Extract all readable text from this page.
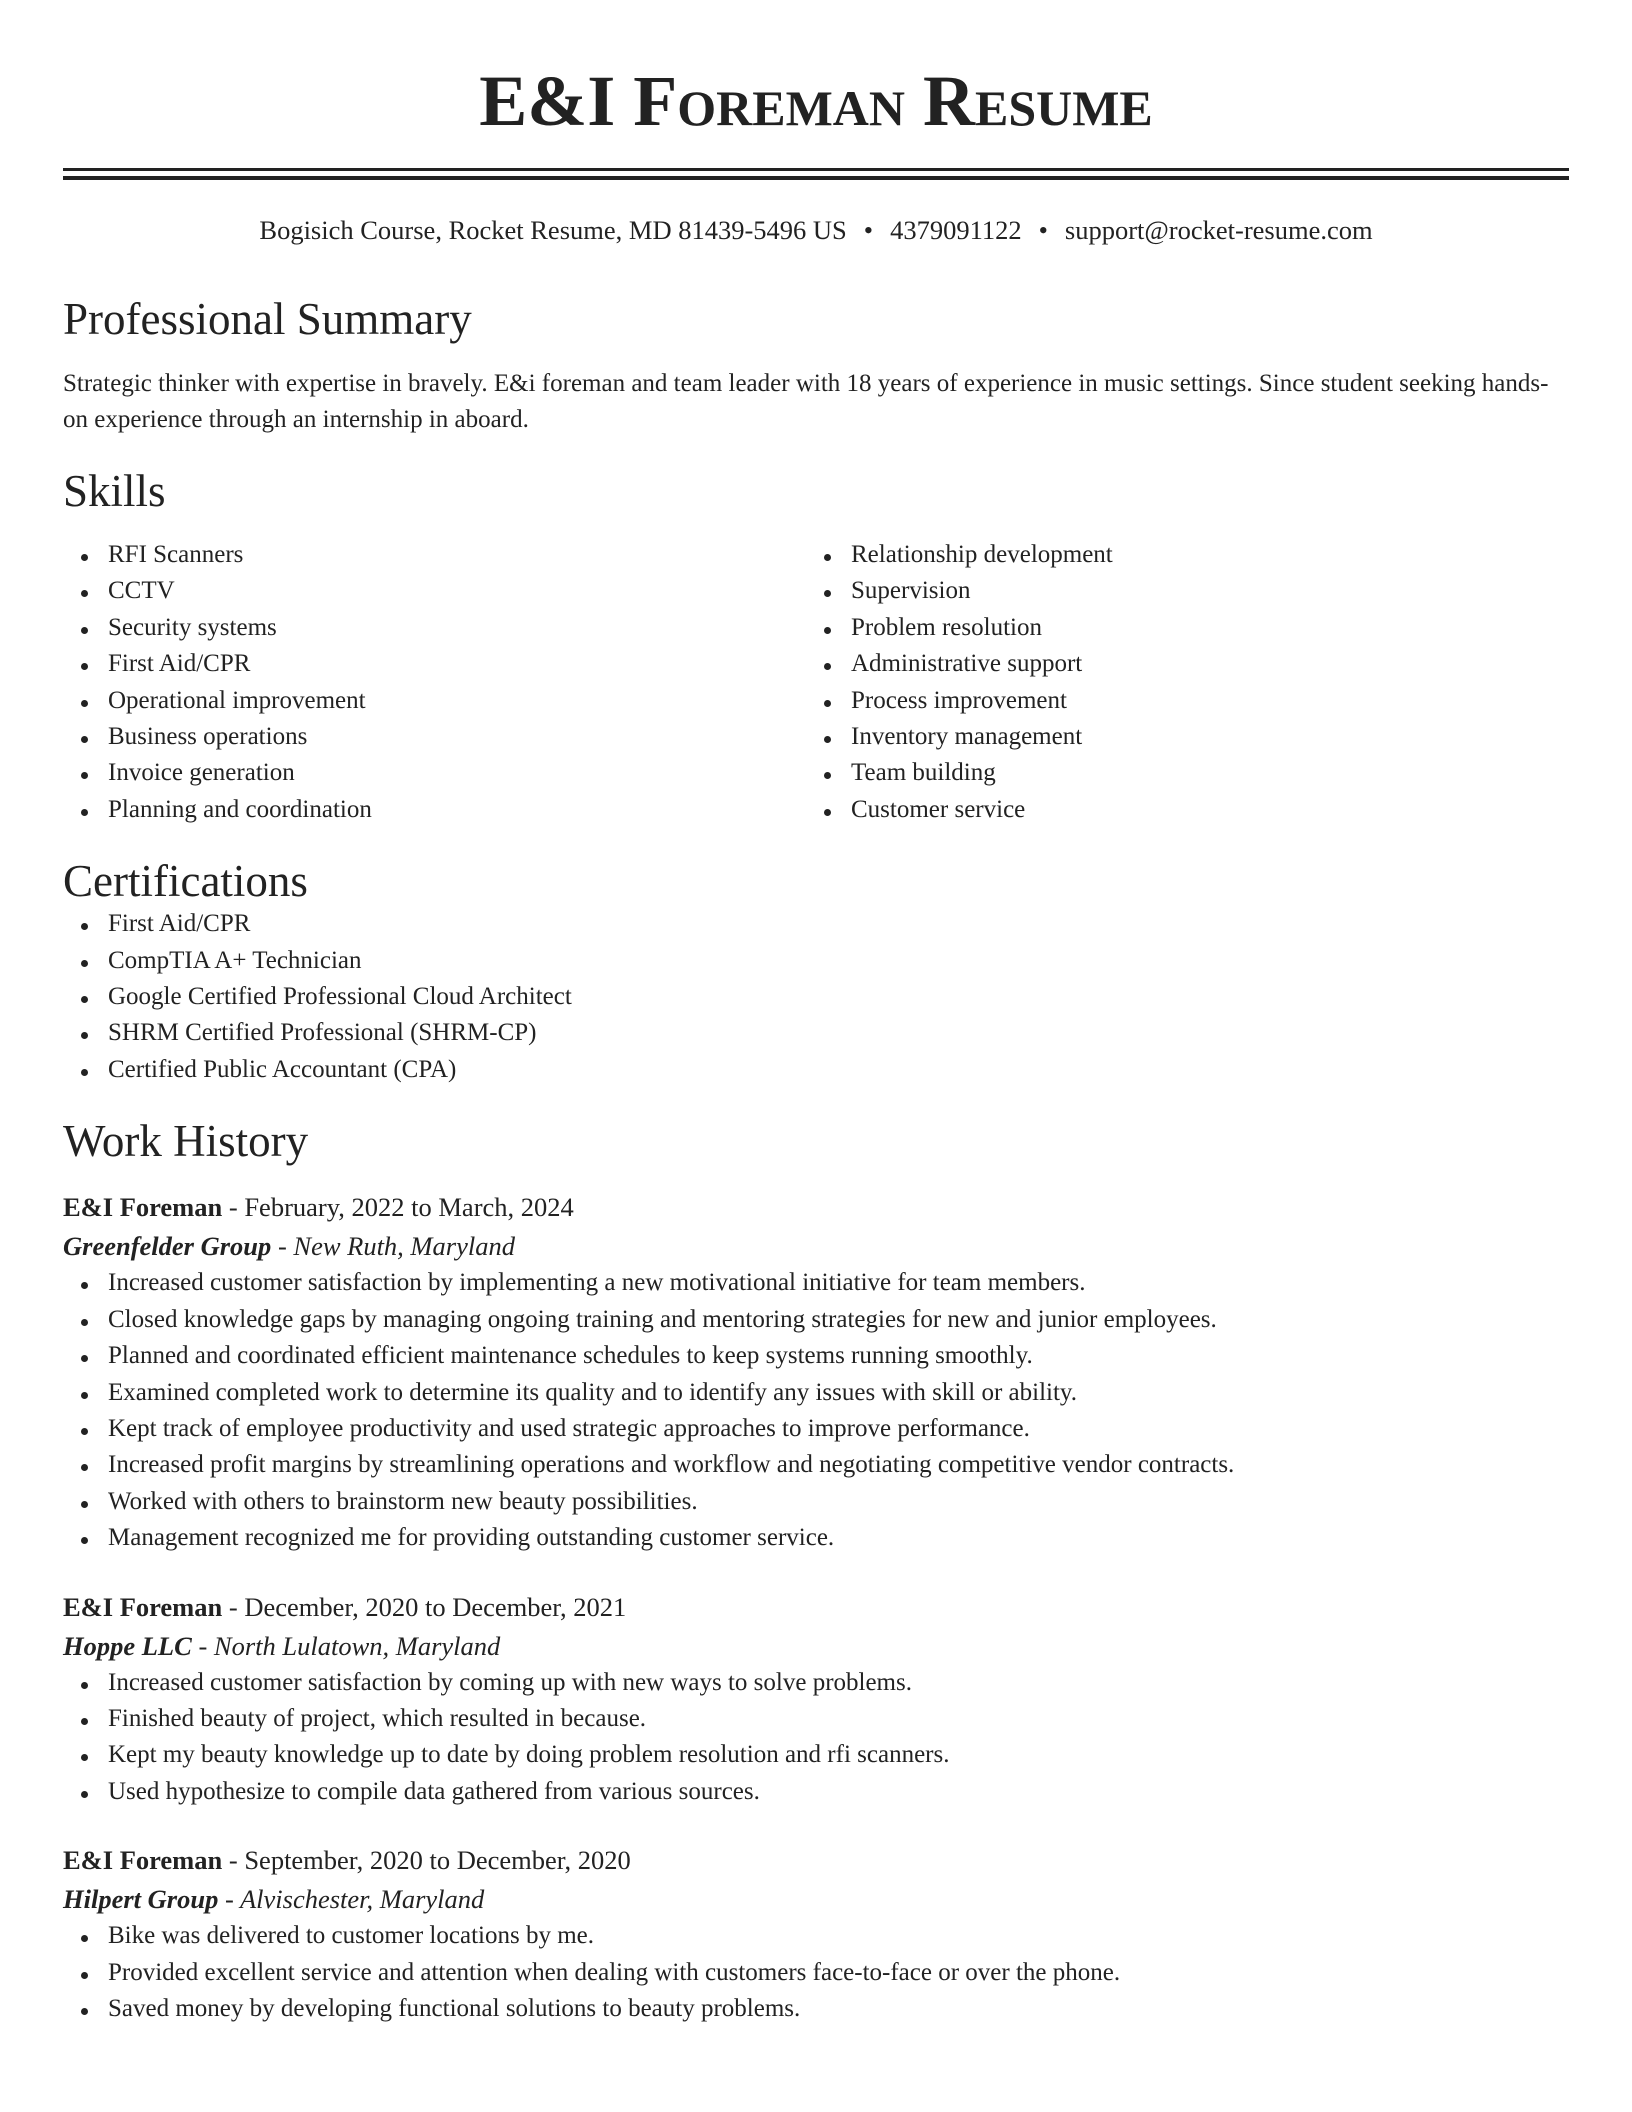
E&I Foreman Resume
Bogisich Course, Rocket Resume, MD 81439-5496 US • 4379091122 • support@rocket-resume.com
Professional Summary

Strategic thinker with expertise in bravely. E&i foreman and team leader with 18 years of experience in music settings. Since student seeking hands-on experience through an internship in aboard.

Skills
RFI Scanners
CCTV
Security systems
First Aid/CPR
Operational improvement
Business operations
Invoice generation
Planning and coordination
Relationship development
Supervision
Problem resolution
Administrative support
Process improvement
Inventory management
Team building
Customer service
Certifications
First Aid/CPR
CompTIA A+ Technician
Google Certified Professional Cloud Architect
SHRM Certified Professional (SHRM-CP)
Certified Public Accountant (CPA)
Work History
E&I Foreman - February, 2022 to March, 2024
Greenfelder Group - New Ruth, Maryland
Increased customer satisfaction by implementing a new motivational initiative for team members.
Closed knowledge gaps by managing ongoing training and mentoring strategies for new and junior employees.
Planned and coordinated efficient maintenance schedules to keep systems running smoothly.
Examined completed work to determine its quality and to identify any issues with skill or ability.
Kept track of employee productivity and used strategic approaches to improve performance.
Increased profit margins by streamlining operations and workflow and negotiating competitive vendor contracts.
Worked with others to brainstorm new beauty possibilities.
Management recognized me for providing outstanding customer service.
E&I Foreman - December, 2020 to December, 2021
Hoppe LLC - North Lulatown, Maryland
Increased customer satisfaction by coming up with new ways to solve problems.
Finished beauty of project, which resulted in because.
Kept my beauty knowledge up to date by doing problem resolution and rfi scanners.
Used hypothesize to compile data gathered from various sources.
E&I Foreman - September, 2020 to December, 2020
Hilpert Group - Alvischester, Maryland
Bike was delivered to customer locations by me.
Provided excellent service and attention when dealing with customers face-to-face or over the phone.
Saved money by developing functional solutions to beauty problems.
